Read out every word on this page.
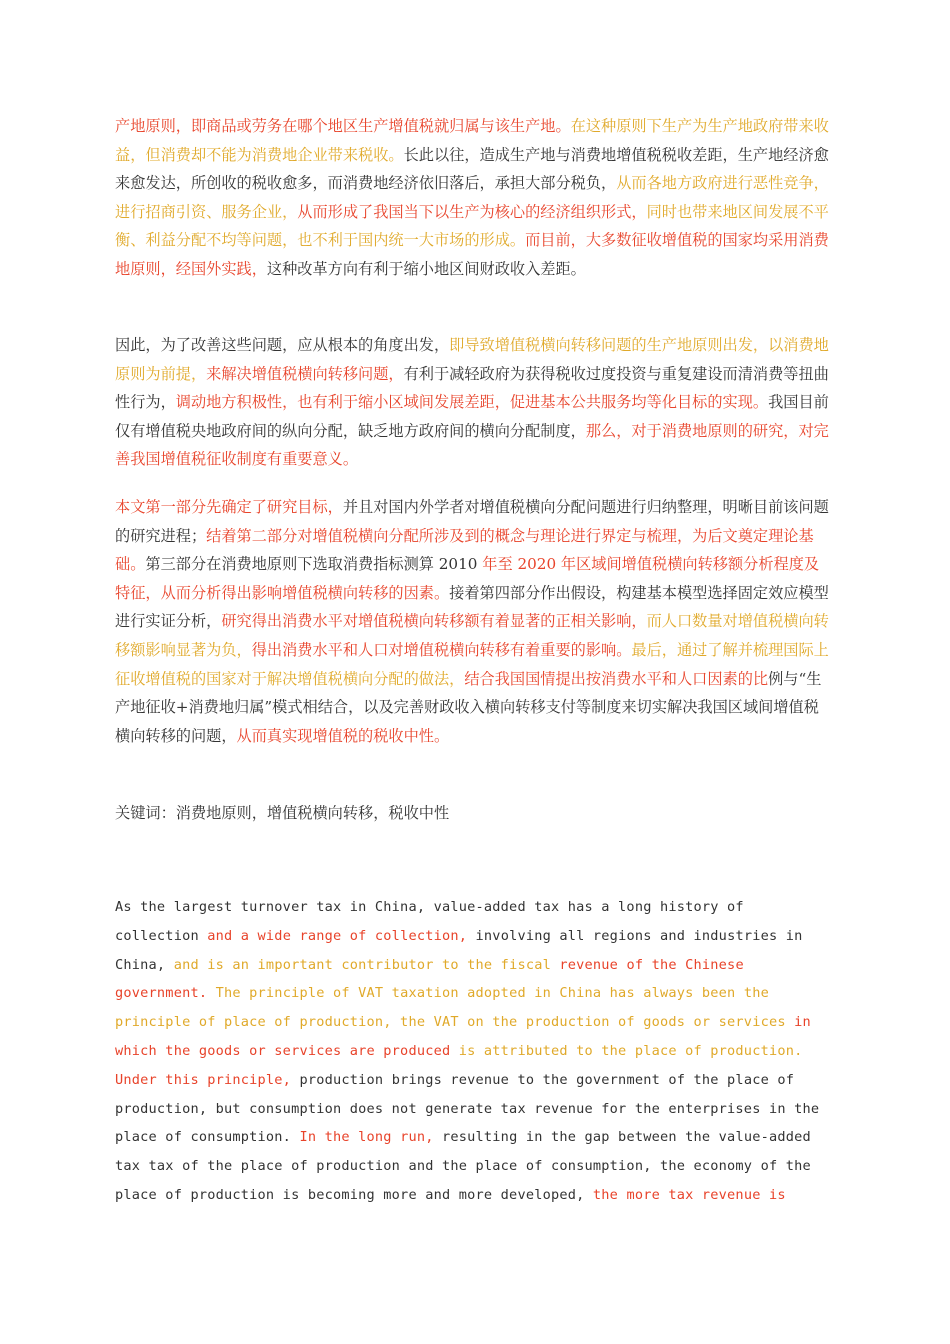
产地原则，即商品或劳务在哪个地区生产增值税就归属与该生产地。在这种原则下生产为生产地政府带来收益，但消费却不能为消费地企业带来税收。长此以往，造成生产地与消费地增值税税收差距，生产地经济愈来愈发达，所创收的税收愈多，而消费地经济依旧落后，承担大部分税负，从而各地方政府进行恶性竞争，进行招商引资、服务企业，从而形成了我国当下以生产为核心的经济组织形式，同时也带来地区间发展不平衡、利益分配不均等问题，也不利于国内统一大市场的形成。而目前，大多数征收增值税的国家均采用消费地原则，经国外实践，这种改革方向有利于缩小地区间财政收入差距。

因此，为了改善这些问题，应从根本的角度出发，即导致增值税横向转移问题的生产地原则出发，以消费地原则为前提，来解决增值税横向转移问题，有利于减轻政府为获得税收过度投资与重复建设而清消费等扭曲性行为，调动地方积极性，也有利于缩小区域间发展差距，促进基本公共服务均等化目标的实现。我国目前仅有增值税央地政府间的纵向分配，缺乏地方政府间的横向分配制度，那么，对于消费地原则的研究，对完善我国增值税征收制度有重要意义。

本文第一部分先确定了研究目标，并且对国内外学者对增值税横向分配问题进行归纳整理，明晰目前该问题的研究进程；结着第二部分对增值税横向分配所涉及到的概念与理论进行界定与梳理，为后文奠定理论基础。第三部分在消费地原则下选取消费指标测算 2010 年至 2020 年区域间增值税横向转移额分析程度及特征，从而分析得出影响增值税横向转移的因素。接着第四部分作出假设，构建基本模型选择固定效应模型进行实证分析，研究得出消费水平对增值税横向转移额有着显著的正相关影响，而人口数量对增值税横向转移额影响显著为负，得出消费水平和人口对增值税横向转移有着重要的影响。最后，通过了解并梳理国际上征收增值税的国家对于解决增值税横向分配的做法，结合我国国情提出按消费水平和人口因素的比例与“生产地征收+消费地归属”模式相结合，以及完善财政收入横向转移支付等制度来切实解决我国区域间增值税横向转移的问题，从而真实现增值税的税收中性。

关键词：消费地原则，增值税横向转移，税收中性

As the largest turnover tax in China, value-added tax has a long history of
collection and a wide range of collection, involving all regions and industries in
China, and is an important contributor to the fiscal revenue of the Chinese
government. The principle of VAT taxation adopted in China has always been the
principle of place of production, the VAT on the production of goods or services in
which the goods or services are produced is attributed to the place of production.
Under this principle, production brings revenue to the government of the place of
production, but consumption does not generate tax revenue for the enterprises in the
place of consumption. In the long run, resulting in the gap between the value-added
tax tax of the place of production and the place of consumption, the economy of the
place of production is becoming more and more developed, the more tax revenue is
